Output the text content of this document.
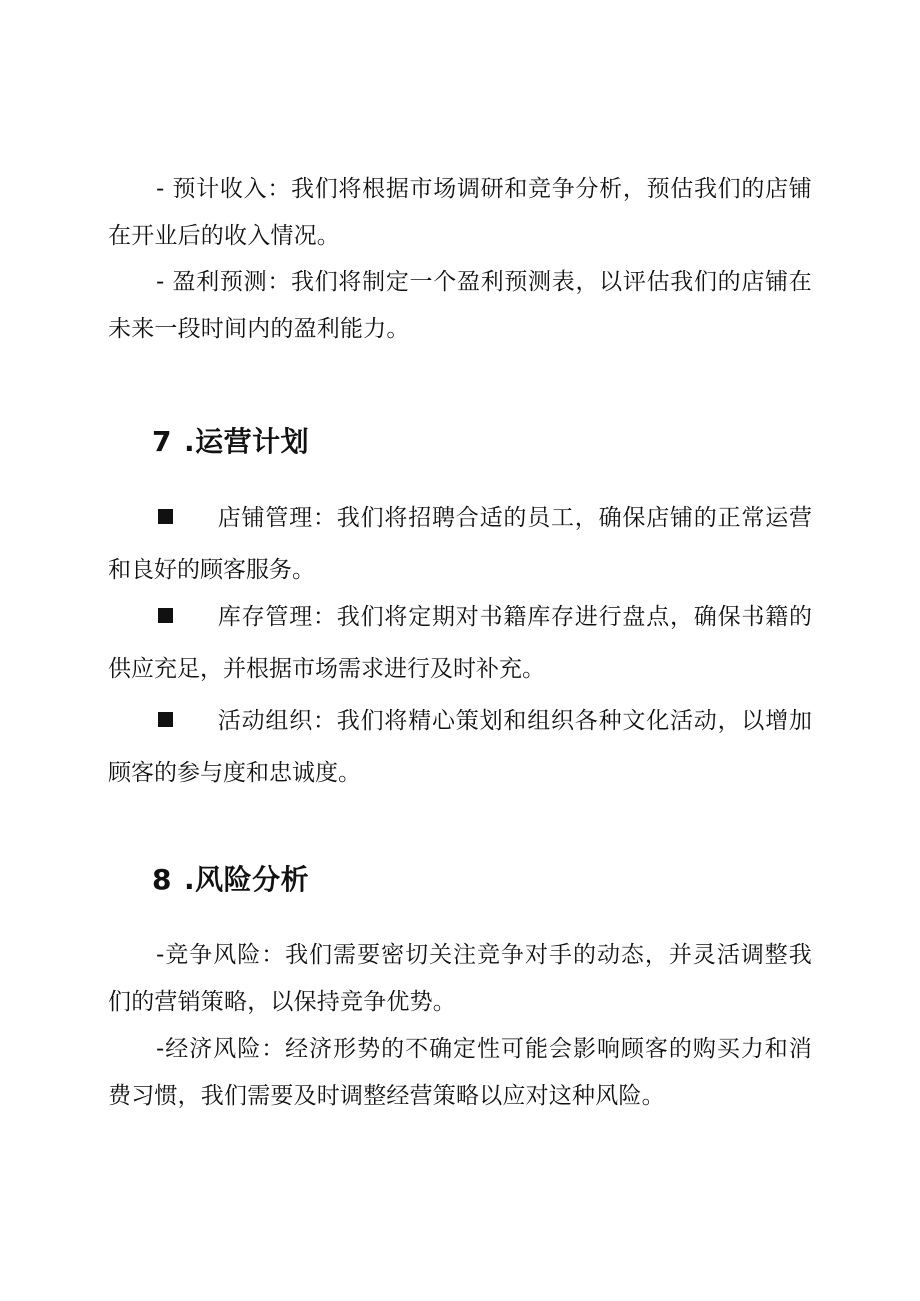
- 预计收入：我们将根据市场调研和竞争分析，预估我们的店铺在开业后的收入情况。

- 盈利预测：我们将制定一个盈利预测表，以评估我们的店铺在未来一段时间内的盈利能力。

7 .运营计划
店铺管理：我们将招聘合适的员工，确保店铺的正常运营和良好的顾客服务。
库存管理：我们将定期对书籍库存进行盘点，确保书籍的供应充足，并根据市场需求进行及时补充。
活动组织：我们将精心策划和组织各种文化活动，以增加顾客的参与度和忠诚度。
8 .风险分析

-竞争风险：我们需要密切关注竞争对手的动态，并灵活调整我们的营销策略，以保持竞争优势。

-经济风险：经济形势的不确定性可能会影响顾客的购买力和消费习惯，我们需要及时调整经营策略以应对这种风险。
